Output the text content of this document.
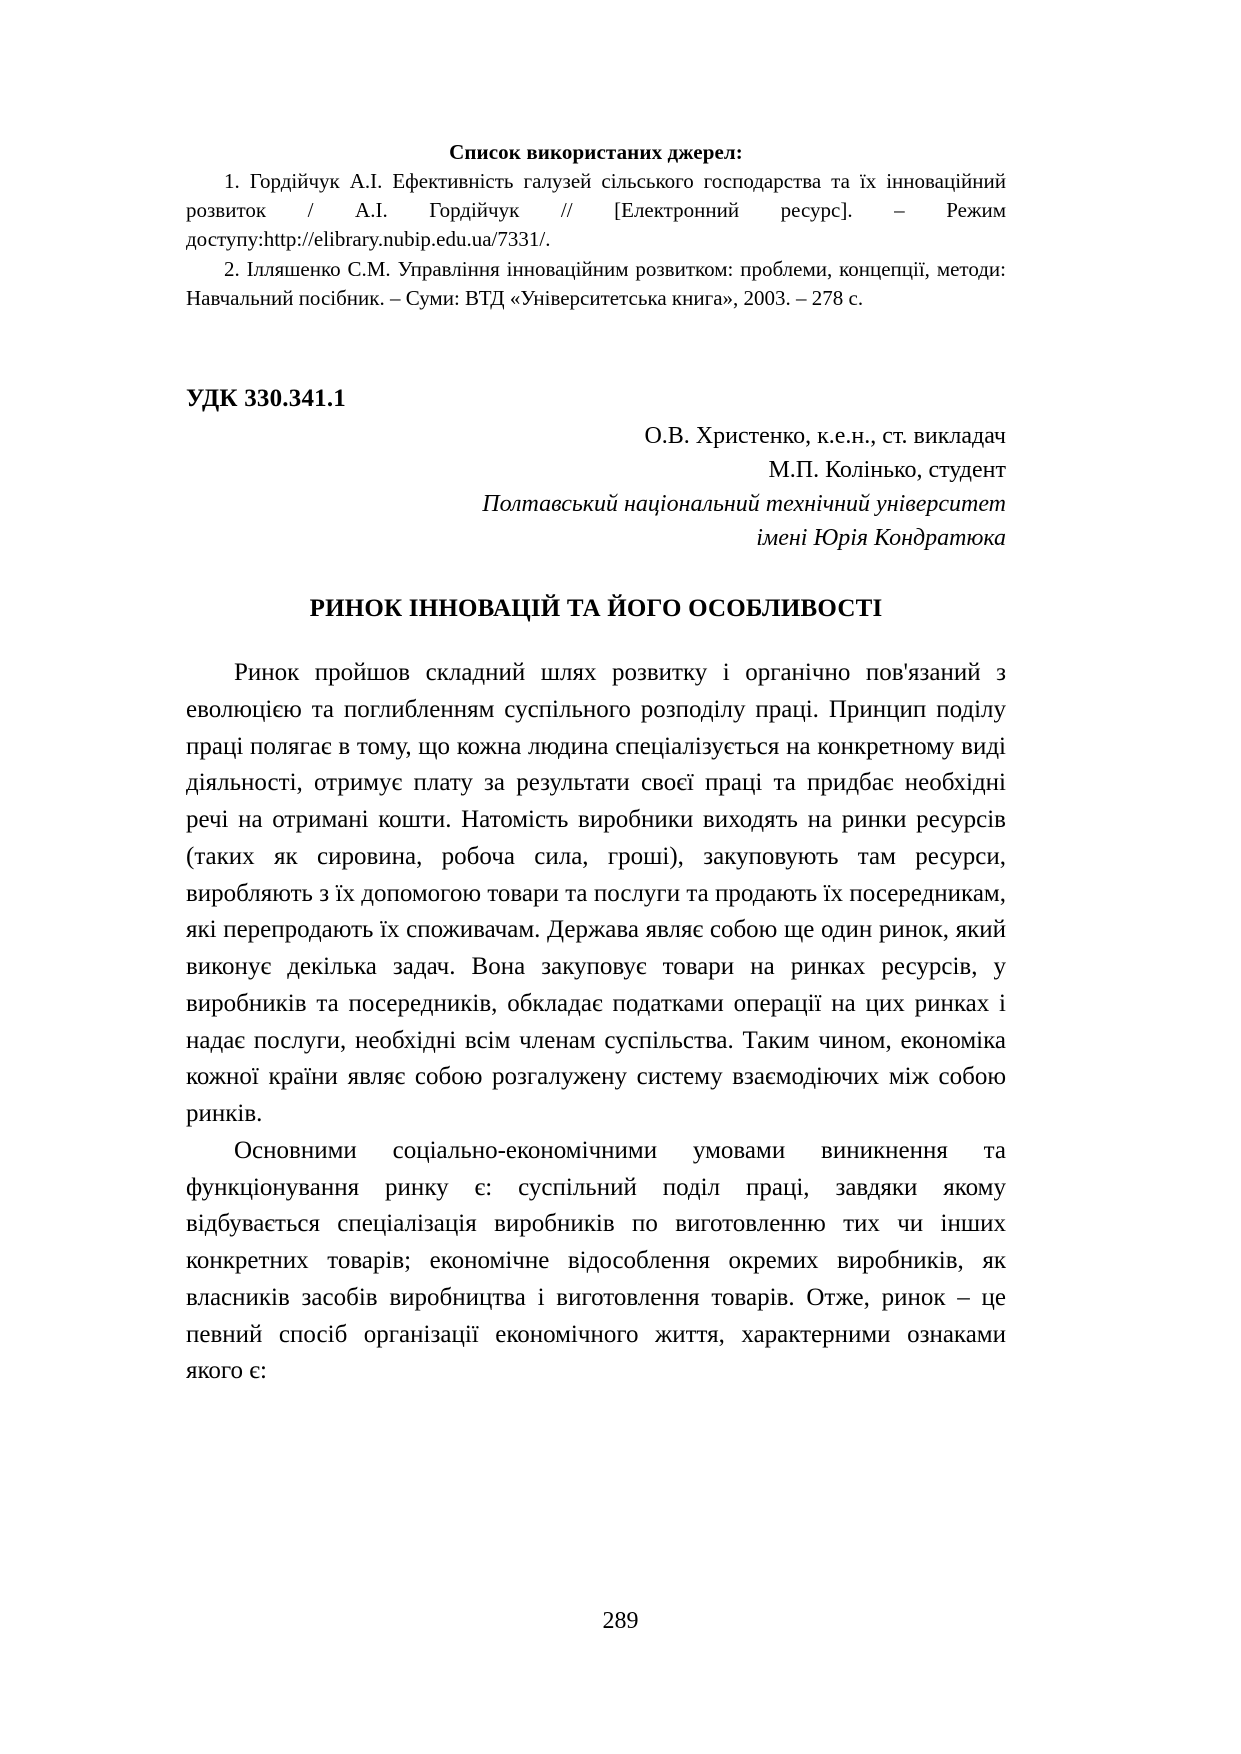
Список використаних джерел:

1. Гордійчук А.І. Ефективність галузей сільського господарства та їх інноваційний розвиток / А.І. Гордійчук // [Електронний ресурс]. – Режим доступу:http://elibrary.nubip.edu.ua/7331/.

2. Ілляшенко С.М. Управління інноваційним розвитком: проблеми, концепції, методи: Навчальний посібник. – Суми: ВТД «Університетська книга», 2003. – 278 с.

УДК 330.341.1
О.В. Христенко, к.е.н., ст. викладач
М.П. Колінько, студент
Полтавський національний технічний університет
імені Юрія Кондратюка
РИНОК ІННОВАЦІЙ ТА ЙОГО ОСОБЛИВОСТІ

Ринок пройшов складний шлях розвитку і органічно пов'язаний з еволюцією та поглибленням суспільного розподілу праці. Принцип поділу праці полягає в тому, що кожна людина спеціалізується на конкретному виді діяльності, отримує плату за результати своєї праці та придбає необхідні речі на отримані кошти. Натомість виробники виходять на ринки ресурсів (таких як сировина, робоча сила, гроші), закуповують там ресурси, виробляють з їх допомогою товари та послуги та продають їх посередникам, які перепродають їх споживачам. Держава являє собою ще один ринок, який виконує декілька задач. Вона закуповує товари на ринках ресурсів, у виробників та посередників, обкладає податками операції на цих ринках і надає послуги, необхідні всім членам суспільства. Таким чином, економіка кожної країни являє собою розгалужену систему взаємодіючих між собою ринків.

Основними соціально-економічними умовами виникнення та функціонування ринку є: суспільний поділ праці, завдяки якому відбувається спеціалізація виробників по виготовленню тих чи інших конкретних товарів; економічне відособлення окремих виробників, як власників засобів виробництва і виготовлення товарів. Отже, ринок – це певний спосіб організації економічного життя, характерними ознаками якого є:

289
